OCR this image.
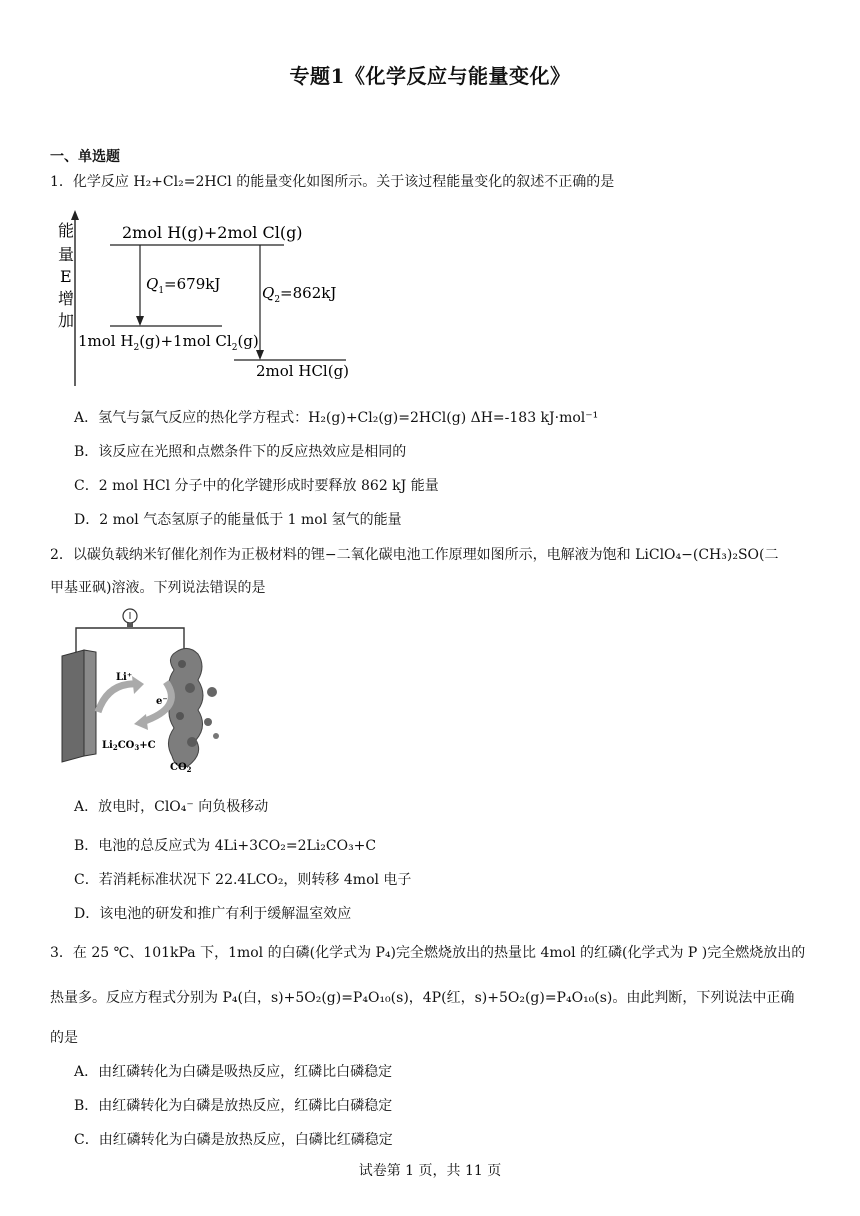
专题1《化学反应与能量变化》
一、单选题
1．化学反应 H₂+Cl₂=2HCl 的能量变化如图所示。关于该过程能量变化的叙述不正确的是
能
量
E
增
加
2mol H(g)+2mol Cl(g)
$Q_1=679kJ$
1mol $H_2(g)+1mol$ $Cl_2(g)$
$Q_2=862kJ$
2mol HCl(g)
A．氢气与氯气反应的热化学方程式：H₂(g)+Cl₂(g)=2HCl(g) ΔH=-183 kJ·mol⁻¹
B．该反应在光照和点燃条件下的反应热效应是相同的
C．2 mol HCl 分子中的化学键形成时要释放 862 kJ 能量
D．2 mol 气态氢原子的能量低于 1 mol 氢气的能量
2．以碳负载纳米钌催化剂作为正极材料的锂−二氧化碳电池工作原理如图所示，电解液为饱和 LiClO₄−(CH₃)₂SO(二
甲基亚砜)溶液。下列说法错误的是
Li⁺
e⁻
$Li_2CO_3+C$
$CO_2$
A．放电时，ClO₄⁻ 向负极移动
B．电池的总反应式为 4Li+3CO₂=2Li₂CO₃+C
C．若消耗标准状况下 22.4LCO₂，则转移 4mol 电子
D．该电池的研发和推广有利于缓解温室效应
3．在 25 ℃、101kPa 下，1mol 的白磷(化学式为 P₄)完全燃烧放出的热量比 4mol 的红磷(化学式为 P )完全燃烧放出的
热量多。反应方程式分别为 P₄(白，s)+5O₂(g)=P₄O₁₀(s)，4P(红，s)+5O₂(g)=P₄O₁₀(s)。由此判断，下列说法中正确
的是
A．由红磷转化为白磷是吸热反应，红磷比白磷稳定
B．由红磷转化为白磷是放热反应，红磷比白磷稳定
C．由红磷转化为白磷是放热反应，白磷比红磷稳定
试卷第 1 页，共 11 页
